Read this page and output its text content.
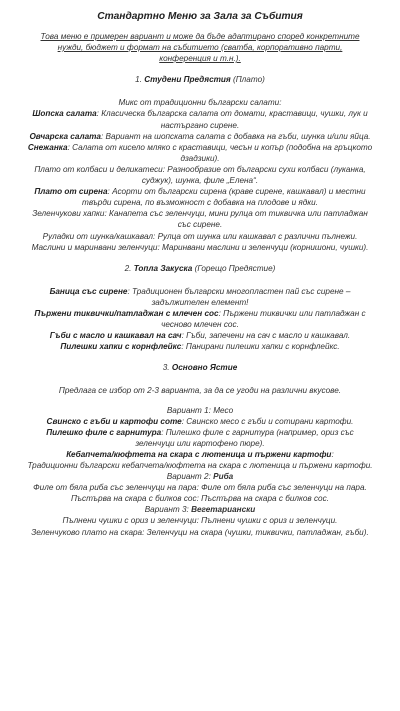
Стандартно Меню за Зала за Събития
Това меню е примерен вариант и може да бъде адаптирано според конкретните нужди, бюджет и формат на събитието (сватба, корпоративно парти, конференция и т.н.).
1. Студени Предястия (Плато)

Микс от традиционни български салати:

Шопска салата: Класическа българска салата от домати, краставици, чушки, лук и настъргано сирене.

Овчарска салата: Вариант на шопската салата с добавка на гъби, шунка и/или яйца.

Снежанка: Салата от кисело мляко с краставици, чесън и копър (подобна на гръцкото дзадзики).

Плато от колбаси и деликатеси: Разнообразие от български сухи колбаси (луканка, суджук), шунка, филе „Елена“.

Плато от сирена: Асорти от български сирена (краве сирене, кашкавал) и местни твърди сирена, по възможност с добавка на плодове и ядки.

Зеленчукови хапки: Канапета със зеленчуци, мини рулца от тиквичка или патладжан със сирене.

Руладки от шунка/кашкавал: Рулца от шунка или кашкавал с различни пълнежи.

Маслини и маринвани зеленчуци: Маринвани маслини и зеленчуци (корнишони, чушки).

2. Топла Закуска (Горещо Предястие)

Баница със сирене: Традиционен български многопластен пай със сирене – задължителен елемент!

Пържени тиквички/патладжан с млечен сос: Пържени тиквички или патладжан с чесново млечен сос.

Гъби с масло и кашкавал на сач: Гъби, запечени на сач с масло и кашкавал.

Пилешки хапки с корнфлейкс: Панирани пилешки хапки с корнфлейкс.

3. Основно Ястие

Предлага се избор от 2-3 варианта, за да се угоди на различни вкусове.

Вариант 1: Месо

Свинско с гъби и картофи соте: Свинско месо с гъби и сотирани картофи.

Пилешко филе с гарнитура: Пилешко филе с гарнитура (например, ориз със зеленчуци или картофено пюре).

Кебапчета/кюфтета на скара с лютеница и пържени картофи:

Традиционни български кебапчета/кюфтета на скара с лютеница и пържени картофи.

Вариант 2: Риба

Филе от бяла риба със зеленчуци на пара: Филе от бяла риба със зеленчуци на пара.

Пъстърва на скара с билков сос: Пъстърва на скара с билков сос.

Вариант 3: Вегетариански

Пълнени чушки с ориз и зеленчуци: Пълнени чушки с ориз и зеленчуци.

Зеленчуково плато на скара: Зеленчуци на скара (чушки, тиквички, патладжан, гъби).
